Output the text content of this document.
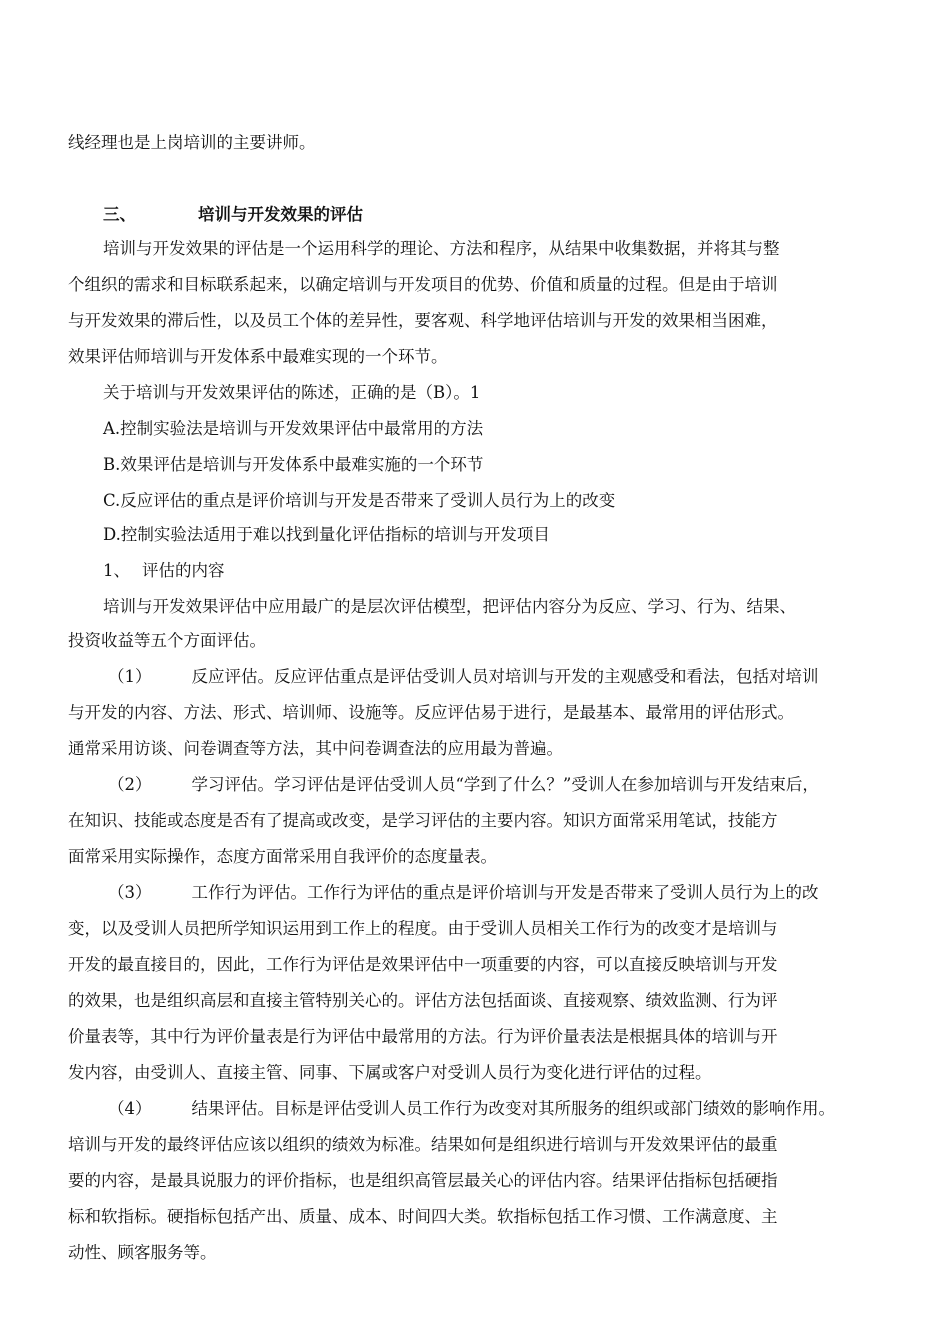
线经理也是上岗培训的主要讲师。
三、	培训与开发效果的评估
培训与开发效果的评估是一个运用科学的理论、方法和程序，从结果中收集数据，并将其与整
个组织的需求和目标联系起来，以确定培训与开发项目的优势、价值和质量的过程。但是由于培训
与开发效果的滞后性，以及员工个体的差异性，要客观、科学地评估培训与开发的效果相当困难，
效果评估师培训与开发体系中最难实现的一个环节。
关于培训与开发效果评估的陈述，正确的是（B）。1
A.控制实验法是培训与开发效果评估中最常用的方法
B.效果评估是培训与开发体系中最难实施的一个环节
C.反应评估的重点是评价培训与开发是否带来了受训人员行为上的改变
D.控制实验法适用于难以找到量化评估指标的培训与开发项目
1、 评估的内容
培训与开发效果评估中应用最广的是层次评估模型，把评估内容分为反应、学习、行为、结果、
投资收益等五个方面评估。
（1） 反应评估。反应评估重点是评估受训人员对培训与开发的主观感受和看法，包括对培训
与开发的内容、方法、形式、培训师、设施等。反应评估易于进行，是最基本、最常用的评估形式。
通常采用访谈、问卷调查等方法，其中问卷调查法的应用最为普遍。
（2） 学习评估。学习评估是评估受训人员“学到了什么？”受训人在参加培训与开发结束后，
在知识、技能或态度是否有了提高或改变，是学习评估的主要内容。知识方面常采用笔试，技能方
面常采用实际操作，态度方面常采用自我评价的态度量表。
（3） 工作行为评估。工作行为评估的重点是评价培训与开发是否带来了受训人员行为上的改
变，以及受训人员把所学知识运用到工作上的程度。由于受训人员相关工作行为的改变才是培训与
开发的最直接目的，因此，工作行为评估是效果评估中一项重要的内容，可以直接反映培训与开发
的效果，也是组织高层和直接主管特别关心的。评估方法包括面谈、直接观察、绩效监测、行为评
价量表等，其中行为评价量表是行为评估中最常用的方法。行为评价量表法是根据具体的培训与开
发内容，由受训人、直接主管、同事、下属或客户对受训人员行为变化进行评估的过程。
（4） 结果评估。目标是评估受训人员工作行为改变对其所服务的组织或部门绩效的影响作用。
培训与开发的最终评估应该以组织的绩效为标准。结果如何是组织进行培训与开发效果评估的最重
要的内容，是最具说服力的评价指标，也是组织高管层最关心的评估内容。结果评估指标包括硬指
标和软指标。硬指标包括产出、质量、成本、时间四大类。软指标包括工作习惯、工作满意度、主
动性、顾客服务等。
